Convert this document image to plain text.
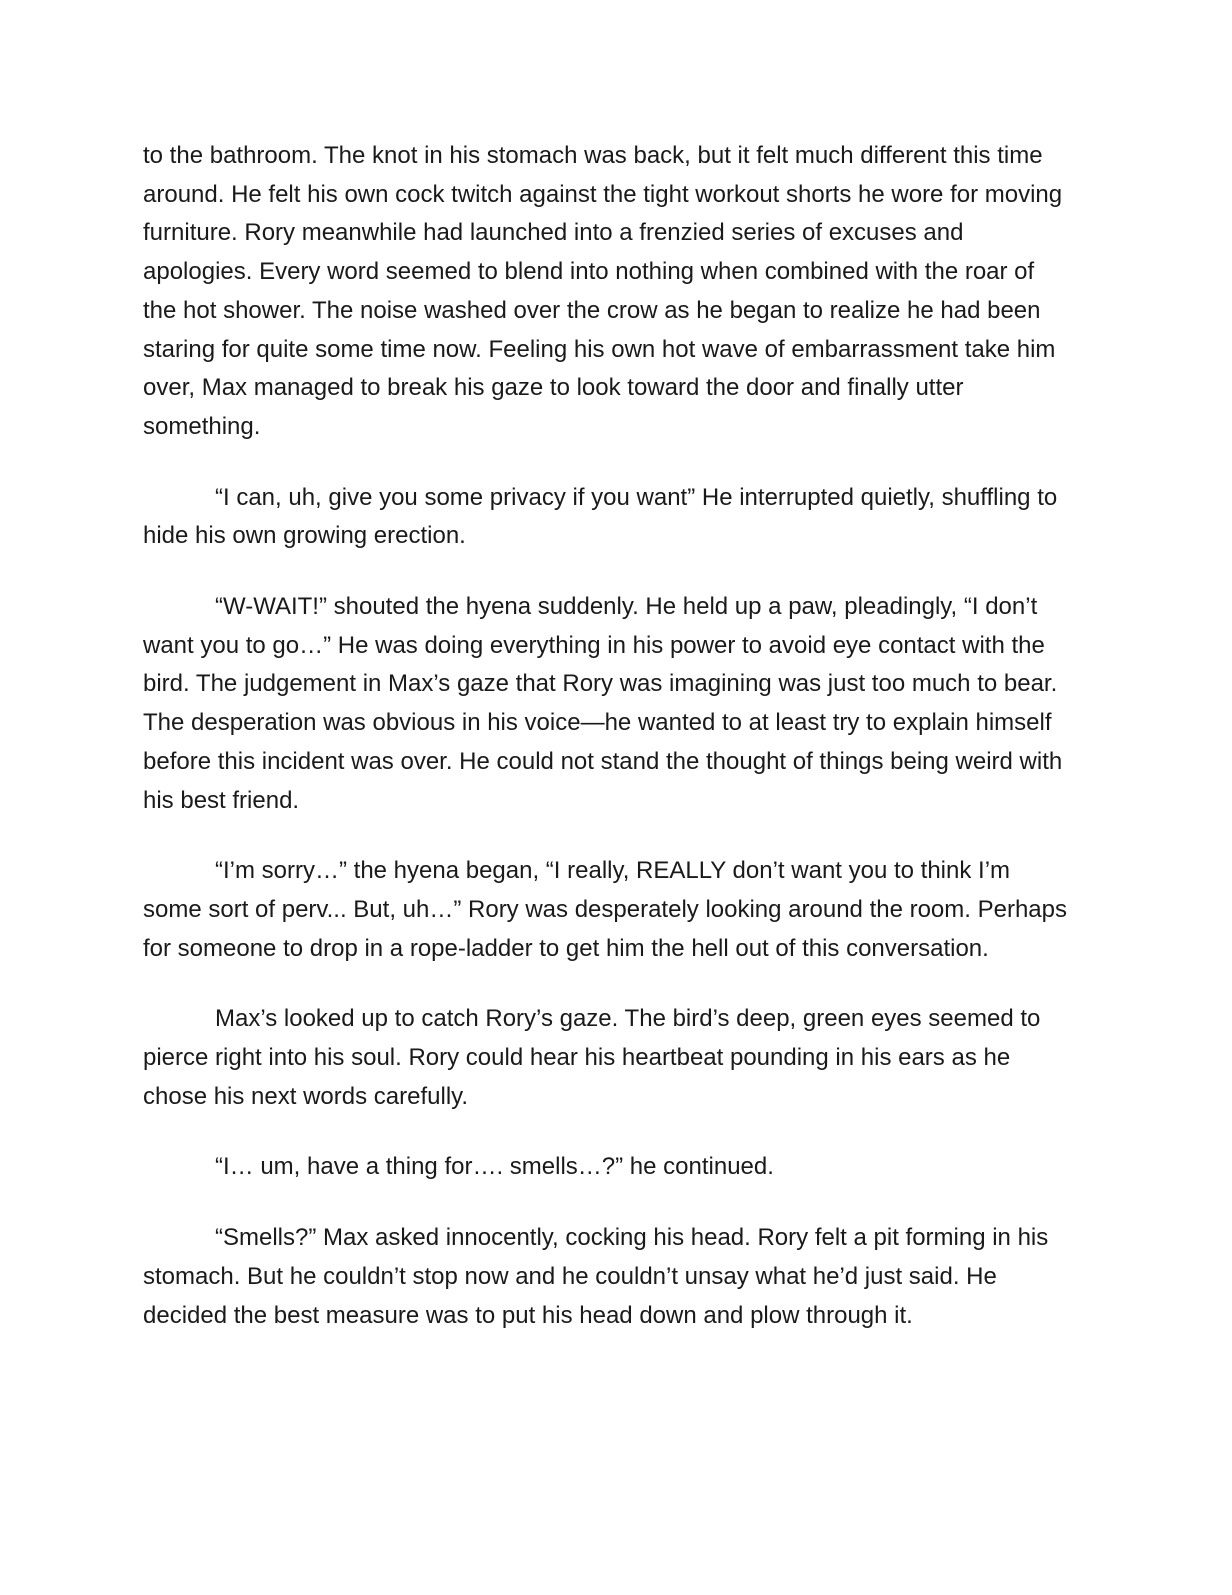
to the bathroom. The knot in his stomach was back, but it felt much different this time around. He felt his own cock twitch against the tight workout shorts he wore for moving furniture. Rory meanwhile had launched into a frenzied series of excuses and apologies. Every word seemed to blend into nothing when combined with the roar of the hot shower. The noise washed over the crow as he began to realize he had been staring for quite some time now. Feeling his own hot wave of embarrassment take him over, Max managed to break his gaze to look toward the door and finally utter something.

“I can, uh, give you some privacy if you want” He interrupted quietly, shuffling to hide his own growing erection.

“W-WAIT!” shouted the hyena suddenly. He held up a paw, pleadingly, “I don’t want you to go…” He was doing everything in his power to avoid eye contact with the bird. The judgement in Max’s gaze that Rory was imagining was just too much to bear. The desperation was obvious in his voice—he wanted to at least try to explain himself before this incident was over. He could not stand the thought of things being weird with his best friend.

“I’m sorry…” the hyena began, “I really, REALLY don’t want you to think I’m some sort of perv... But, uh…” Rory was desperately looking around the room. Perhaps for someone to drop in a rope-ladder to get him the hell out of this conversation.

Max’s looked up to catch Rory’s gaze. The bird’s deep, green eyes seemed to pierce right into his soul. Rory could hear his heartbeat pounding in his ears as he chose his next words carefully.

“I… um, have a thing for…. smells…?” he continued.

“Smells?” Max asked innocently, cocking his head. Rory felt a pit forming in his stomach. But he couldn’t stop now and he couldn’t unsay what he’d just said. He decided the best measure was to put his head down and plow through it.
